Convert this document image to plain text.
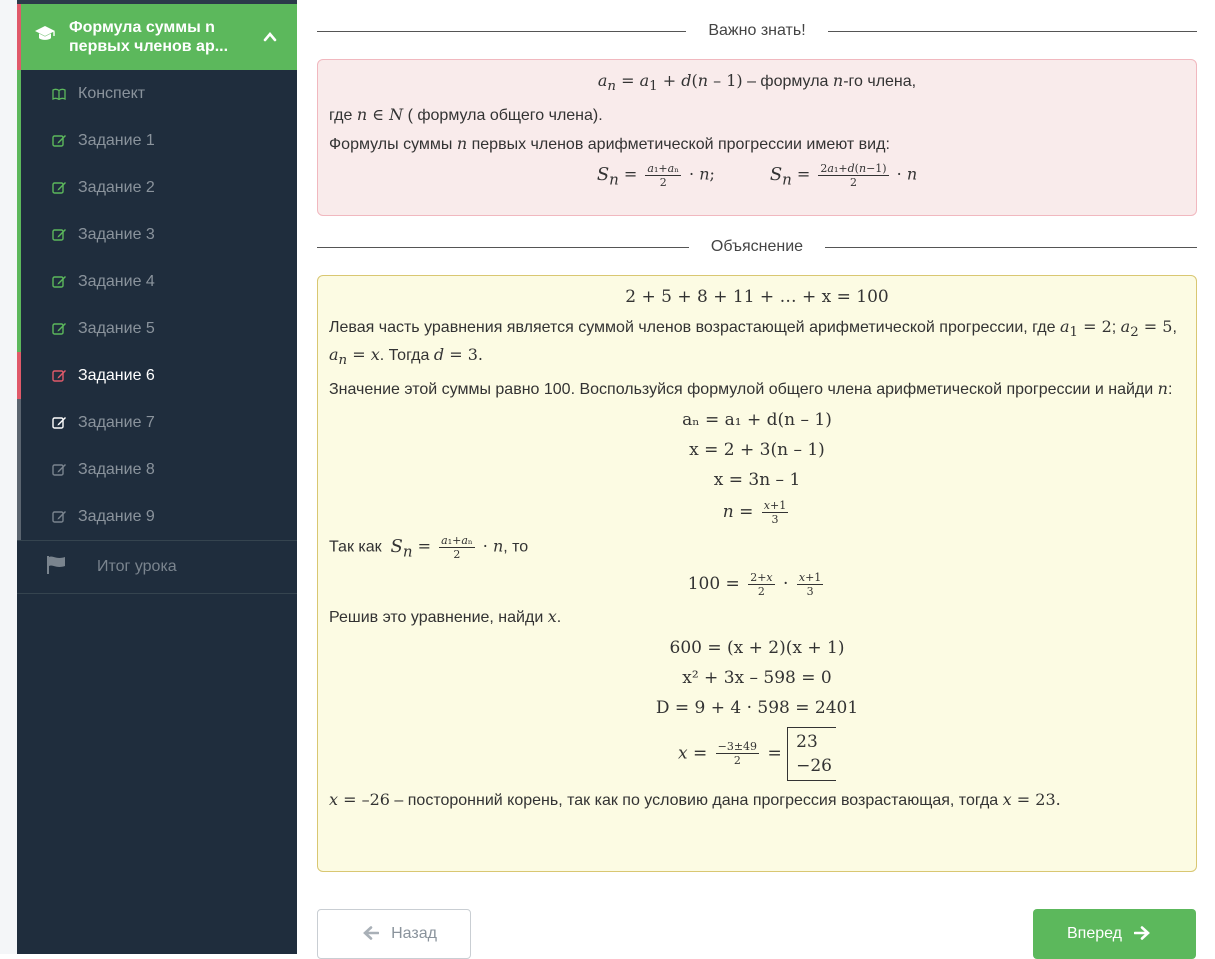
Формула суммы n первых членов ар...
Конспект
Задание 1
Задание 2
Задание 3
Задание 4
Задание 5
Задание 6
Задание 7
Задание 8
Задание 9
Итог урока
Важно знать!
$a_n = a_1 + d(n - 1)$ – формула n-го члена,
где n ∈ N ( формула общего члена).
Формулы суммы n первых членов арифметической прогрессии имеют вид:
$S_n = \frac{\text{a₁+aₙ}}{2} \cdot n$;	$S_n = \frac{\text{2a₁+d(n−1)}}{2} \cdot n$
Объяснение
2 + 5 + 8 + 11 + … + x = 100
Левая часть уравнения является суммой членов возрастающей арифметической прогрессии, где $a_1 = 2$; $a_2 = 5$, $a_n = x$. Тогда d = 3.
Значение этой суммы равно 100. Воспользуйся формулой общего члена арифметической прогрессии и найди n:
aₙ = a₁ + d(n – 1)
x = 2 + 3(n – 1)
x = 3n – 1
$n = \frac{x+1}{3}$
Так как $S_n = \frac{\text{a₁+aₙ}}{2} \cdot n$, то
$100 = \frac{2+x}{2} \cdot \frac{x+1}{3}$
Решив это уравнение, найди x.
600 = (x + 2)(x + 1)
x² + 3x – 598 = 0
D = 9 + 4 · 598 = 2401
$x = \frac{-3\pm 49}{2} = 23$
−26
x = –26 – посторонний корень, так как по условию дана прогрессия возрастающая, тогда x = 23.
Назад	Вперед
